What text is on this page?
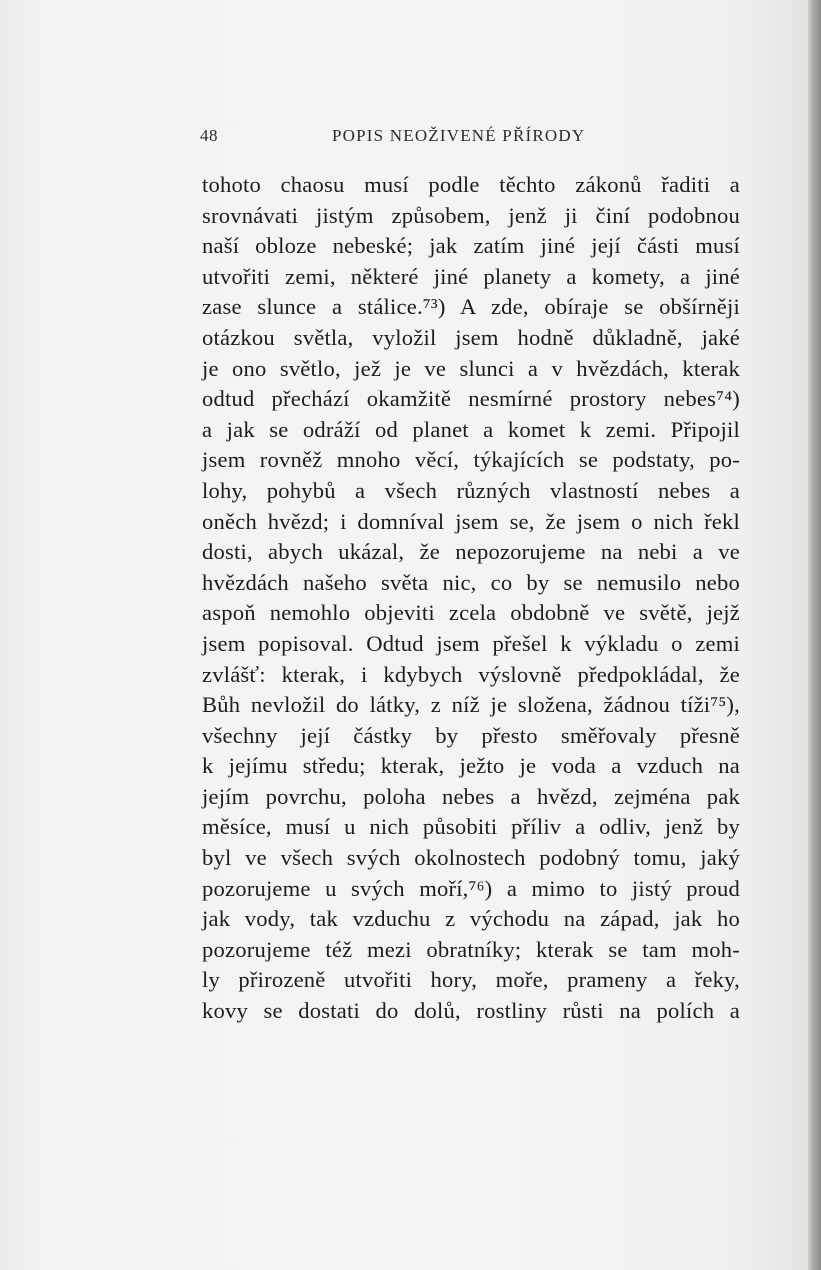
48	POPIS NEOŽIVENÉ PŘÍRODY
tohoto chaosu musí podle těchto zákonů řaditi a
srovnávati jistým způsobem, jenž ji činí podobnou
naší obloze nebeské; jak zatím jiné její části musí
utvořiti zemi, některé jiné planety a komety, a jiné
zase slunce a stálice.⁷³) A zde, obíraje se obšírněji
otázkou světla, vyložil jsem hodně důkladně, jaké
je ono světlo, jež je ve slunci a v hvězdách, kterak
odtud přechází okamžitě nesmírné prostory nebes⁷⁴)
a jak se odráží od planet a komet k zemi. Připojil
jsem rovněž mnoho věcí, týkajících se podstaty, po-
lohy, pohybů a všech různých vlastností nebes a
oněch hvězd; i domníval jsem se, že jsem o nich řekl
dosti, abych ukázal, že nepozorujeme na nebi a ve
hvězdách našeho světa nic, co by se nemusilo nebo
aspoň nemohlo objeviti zcela obdobně ve světě, jejž
jsem popisoval. Odtud jsem přešel k výkladu o zemi
zvlášť: kterak, i kdybych výslovně předpokládal, že
Bůh nevložil do látky, z níž je složena, žádnou tíži⁷⁵),
všechny její částky by přesto směřovaly přesně
k jejímu středu; kterak, ježto je voda a vzduch na
jejím povrchu, poloha nebes a hvězd, zejména pak
měsíce, musí u nich působiti příliv a odliv, jenž by
byl ve všech svých okolnostech podobný tomu, jaký
pozorujeme u svých moří,⁷⁶) a mimo to jistý proud
jak vody, tak vzduchu z východu na západ, jak ho
pozorujeme též mezi obratníky; kterak se tam moh-
ly přirozeně utvořiti hory, moře, prameny a řeky,
kovy se dostati do dolů, rostliny růsti na polích a
